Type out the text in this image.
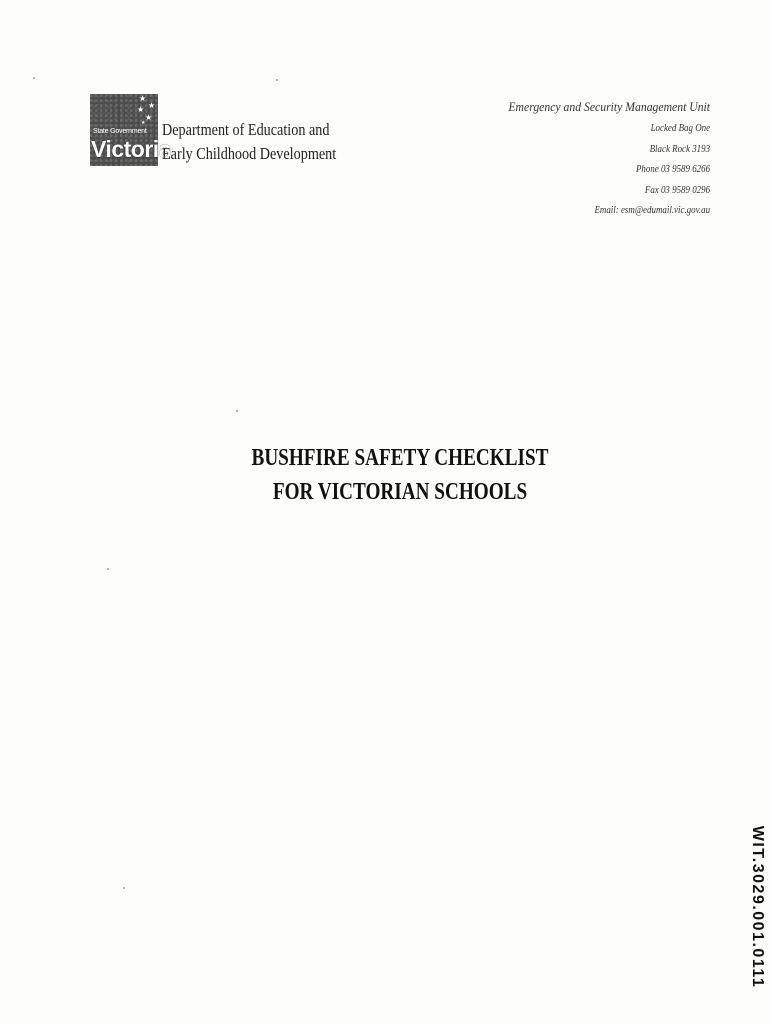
★
★
★
★
★
State Government
Victoria
Department of Education and
Early Childhood Development
Emergency and Security Management Unit
Locked Bag One
Black Rock 3193
Phone 03 9589 6266
Fax 03 9589 0296
Email: esm@edumail.vic.gov.au
BUSHFIRE SAFETY CHECKLIST
FOR VICTORIAN SCHOOLS
WIT.3029.001.0111
